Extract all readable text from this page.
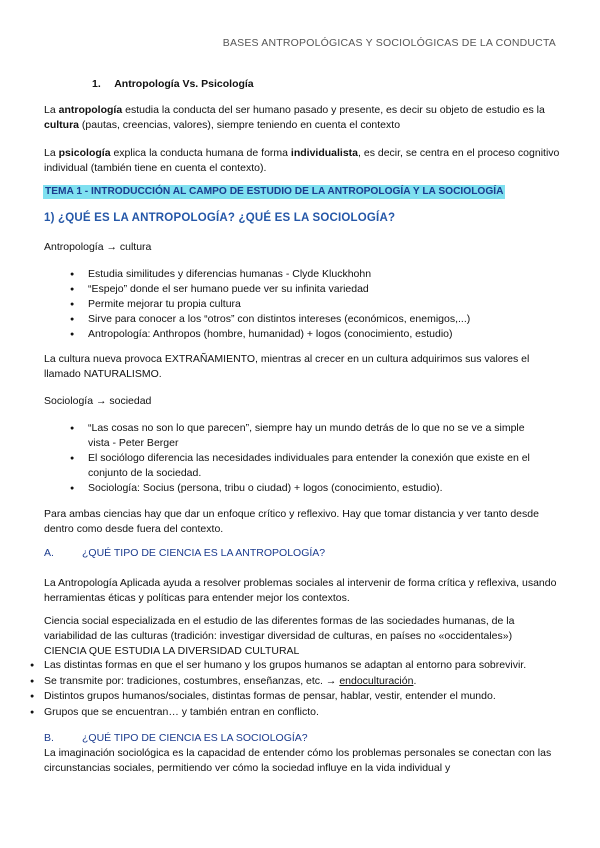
BASES ANTROPOLÓGICAS Y SOCIOLÓGICAS DE LA CONDUCTA
1. Antropología Vs. Psicología

La antropología estudia la conducta del ser humano pasado y presente, es decir su objeto de estudio es la cultura (pautas, creencias, valores), siempre teniendo en cuenta el contexto

La psicología explica la conducta humana de forma individualista, es decir, se centra en el proceso cognitivo individual (también tiene en cuenta el contexto).

TEMA 1 - INTRODUCCIÓN AL CAMPO DE ESTUDIO DE LA ANTROPOLOGÍA Y LA SOCIOLOGÍA
1) ¿QUÉ ES LA ANTROPOLOGÍA? ¿QUÉ ES LA SOCIOLOGÍA?

Antropología → cultura

● Estudia similitudes y diferencias humanas - Clyde Kluckhohn
● “Espejo” donde el ser humano puede ver su infinita variedad
● Permite mejorar tu propia cultura
● Sirve para conocer a los “otros” con distintos intereses (económicos, enemigos,...)
● Antropología: Anthropos (hombre, humanidad) + logos (conocimiento, estudio)

La cultura nueva provoca EXTRAÑAMIENTO, mientras al crecer en un cultura adquirimos sus valores el llamado NATURALISMO.

Sociología → sociedad

● “Las cosas no son lo que parecen”, siempre hay un mundo detrás de lo que no se ve a simple vista - Peter Berger
● El sociólogo diferencia las necesidades individuales para entender la conexión que existe en el conjunto de la sociedad.
● Sociología: Socius (persona, tribu o ciudad) + logos (conocimiento, estudio).

Para ambas ciencias hay que dar un enfoque crítico y reflexivo. Hay que tomar distancia y ver tanto desde dentro como desde fuera del contexto.

A.	¿QUÉ TIPO DE CIENCIA ES LA ANTROPOLOGÍA?

La Antropología Aplicada ayuda a resolver problemas sociales al intervenir de forma crítica y reflexiva, usando herramientas éticas y políticas para entender mejor los contextos.

Ciencia social especializada en el estudio de las diferentes formas de las sociedades humanas, de la variabilidad de las culturas (tradición: investigar diversidad de culturas, en países no «occidentales»)
CIENCIA QUE ESTUDIA LA DIVERSIDAD CULTURAL

● Las distintas formas en que el ser humano y los grupos humanos se adaptan al entorno para sobrevivir.
● Se transmite por: tradiciones, costumbres, enseñanzas, etc. → endoculturación.
● Distintos grupos humanos/sociales, distintas formas de pensar, hablar, vestir, entender el mundo.
● Grupos que se encuentran… y también entran en conflicto.
B.	¿QUÉ TIPO DE CIENCIA ES LA SOCIOLOGÍA?

La imaginación sociológica es la capacidad de entender cómo los problemas personales se conectan con las circunstancias sociales, permitiendo ver cómo la sociedad influye en la vida individual y
